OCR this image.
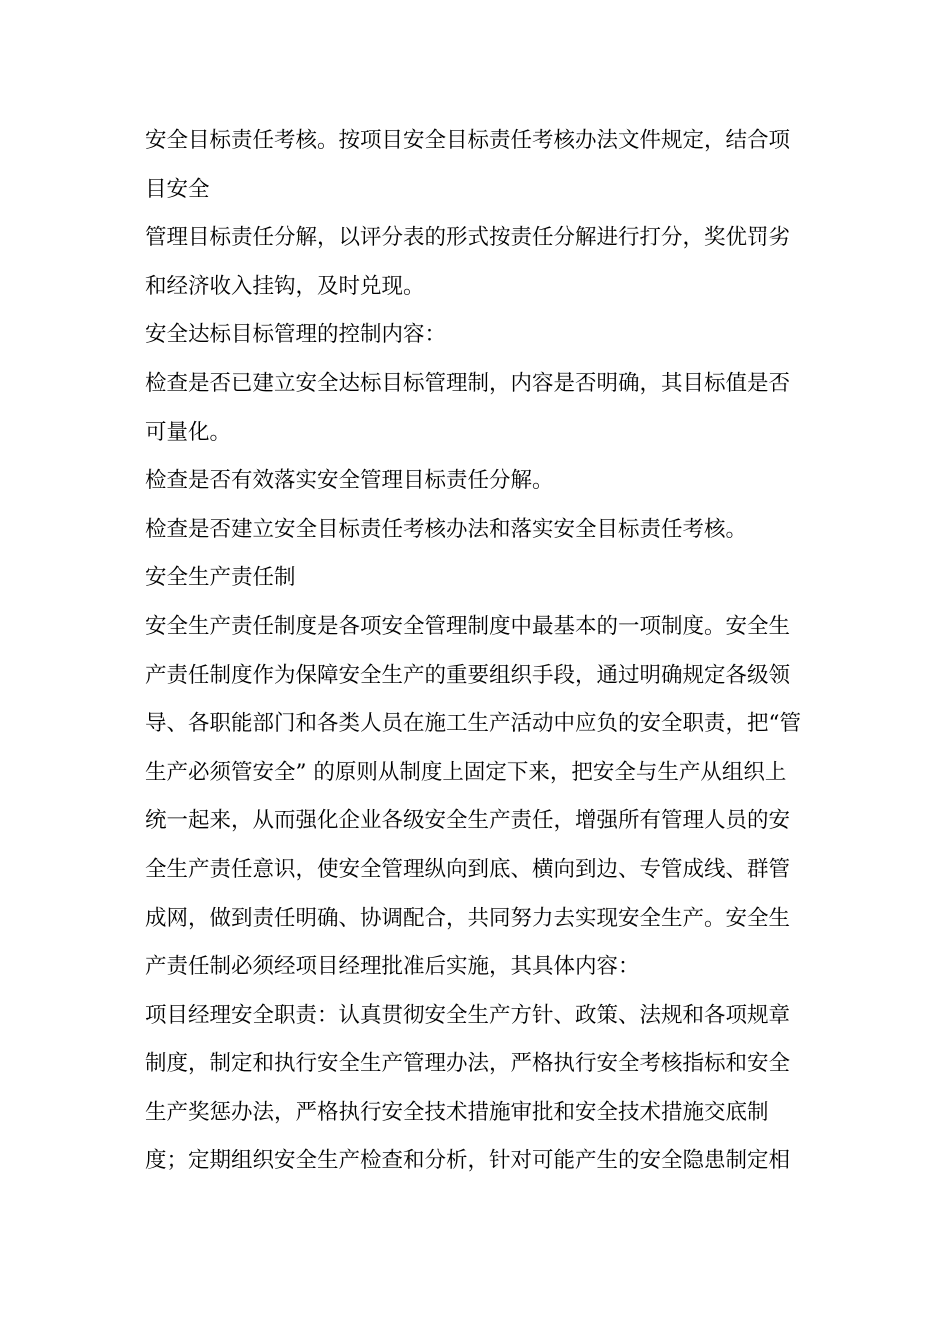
安全目标责任考核。按项目安全目标责任考核办法文件规定，结合项
目安全
管理目标责任分解，以评分表的形式按责任分解进行打分，奖优罚劣
和经济收入挂钩，及时兑现。
安全达标目标管理的控制内容：
检查是否已建立安全达标目标管理制，内容是否明确，其目标值是否
可量化。
检查是否有效落实安全管理目标责任分解。
检查是否建立安全目标责任考核办法和落实安全目标责任考核。
安全生产责任制
安全生产责任制度是各项安全管理制度中最基本的一项制度。安全生
产责任制度作为保障安全生产的重要组织手段，通过明确规定各级领
导、各职能部门和各类人员在施工生产活动中应负的安全职责，把“管
生产必须管安全” 的原则从制度上固定下来，把安全与生产从组织上
统一起来，从而强化企业各级安全生产责任，增强所有管理人员的安
全生产责任意识，使安全管理纵向到底、横向到边、专管成线、群管
成网，做到责任明确、协调配合，共同努力去实现安全生产。安全生
产责任制必须经项目经理批准后实施，其具体内容：
项目经理安全职责：认真贯彻安全生产方针、政策、法规和各项规章
制度，制定和执行安全生产管理办法，严格执行安全考核指标和安全
生产奖惩办法，严格执行安全技术措施审批和安全技术措施交底制
度；定期组织安全生产检查和分析，针对可能产生的安全隐患制定相
